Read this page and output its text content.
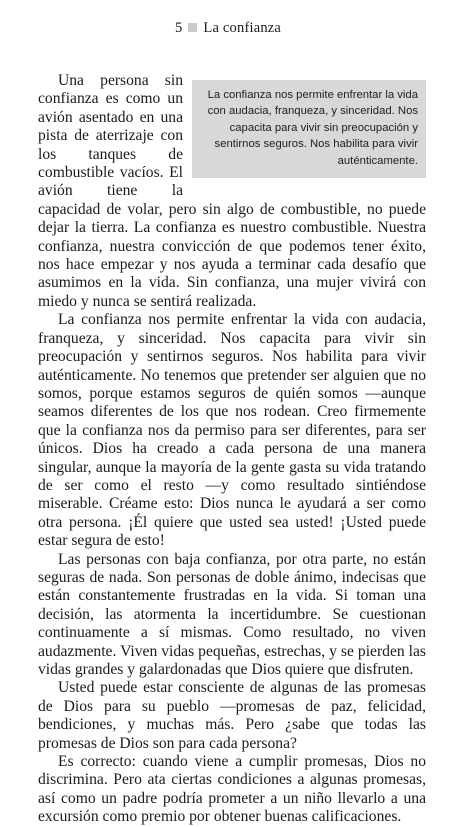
5 La confianza
La confianza nos permite enfrentar la vida con audacia, franqueza, y sinceridad. Nos capacita para vivir sin preocupación y sentirnos seguros. Nos habilita para vivir auténticamente.

Una persona sin confianza es como un avión asentado en una pista de aterrizaje con los tanques de combustible vacíos. El avión tiene la capacidad de volar, pero sin algo de combustible, no puede dejar la tierra. La confianza es nuestro combustible. Nuestra confianza, nuestra convicción de que podemos tener éxito, nos hace empezar y nos ayuda a terminar cada desafío que asumimos en la vida. Sin confianza, una mujer vivirá con miedo y nunca se sentirá realizada.

La confianza nos permite enfrentar la vida con audacia, franqueza, y sinceridad. Nos capacita para vivir sin preocupación y sentirnos seguros. Nos habilita para vivir auténticamente. No tenemos que pretender ser alguien que no somos, porque estamos seguros de quién somos —aunque seamos diferentes de los que nos rodean. Creo firmemente que la confianza nos da permiso para ser diferentes, para ser únicos. Dios ha creado a cada persona de una manera singular, aunque la mayoría de la gente gasta su vida tratando de ser como el resto —y como resultado sintiéndose miserable. Créame esto: Dios nunca le ayudará a ser como otra persona. ¡Él quiere que usted sea usted! ¡Usted puede estar segura de esto!

Las personas con baja confianza, por otra parte, no están seguras de nada. Son personas de doble ánimo, indecisas que están constantemente frustradas en la vida. Si toman una decisión, las atormenta la incertidumbre. Se cuestionan continuamente a sí mismas. Como resultado, no viven audazmente. Viven vidas pequeñas, estrechas, y se pierden las vidas grandes y galardonadas que Dios quiere que disfruten.

Usted puede estar consciente de algunas de las promesas de Dios para su pueblo —promesas de paz, felicidad, bendiciones, y muchas más. Pero ¿sabe que todas las promesas de Dios son para cada persona?

Es correcto: cuando viene a cumplir promesas, Dios no discrimina. Pero ata ciertas condiciones a algunas promesas, así como un padre podría prometer a un niño llevarlo a una excursión como premio por obtener buenas calificaciones.
